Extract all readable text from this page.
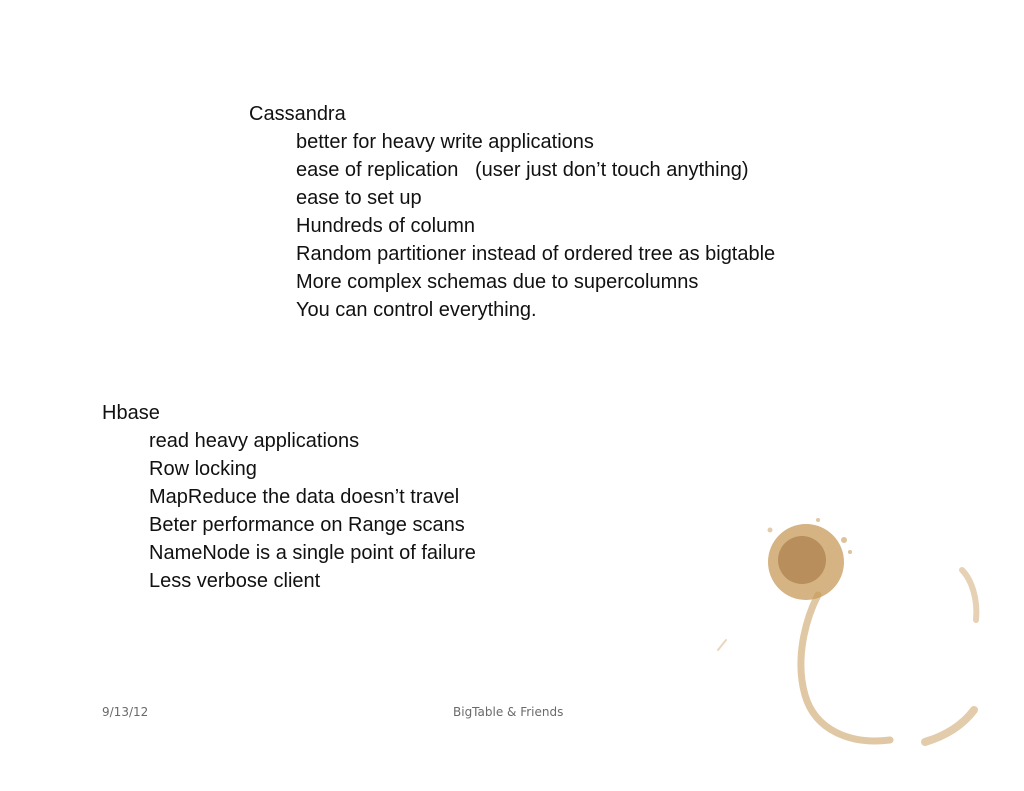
Cassandra
better for heavy write applications
ease of replication   (user just don’t touch anything)
ease to set up
Hundreds of column
Random partitioner instead of ordered tree as bigtable
More complex schemas due to supercolumns
You can control everything.
Hbase
read heavy applications
Row locking
MapReduce the data doesn’t travel
Beter performance on Range scans
NameNode is a single point of failure
Less verbose client
9/13/12	BigTable & Friends
